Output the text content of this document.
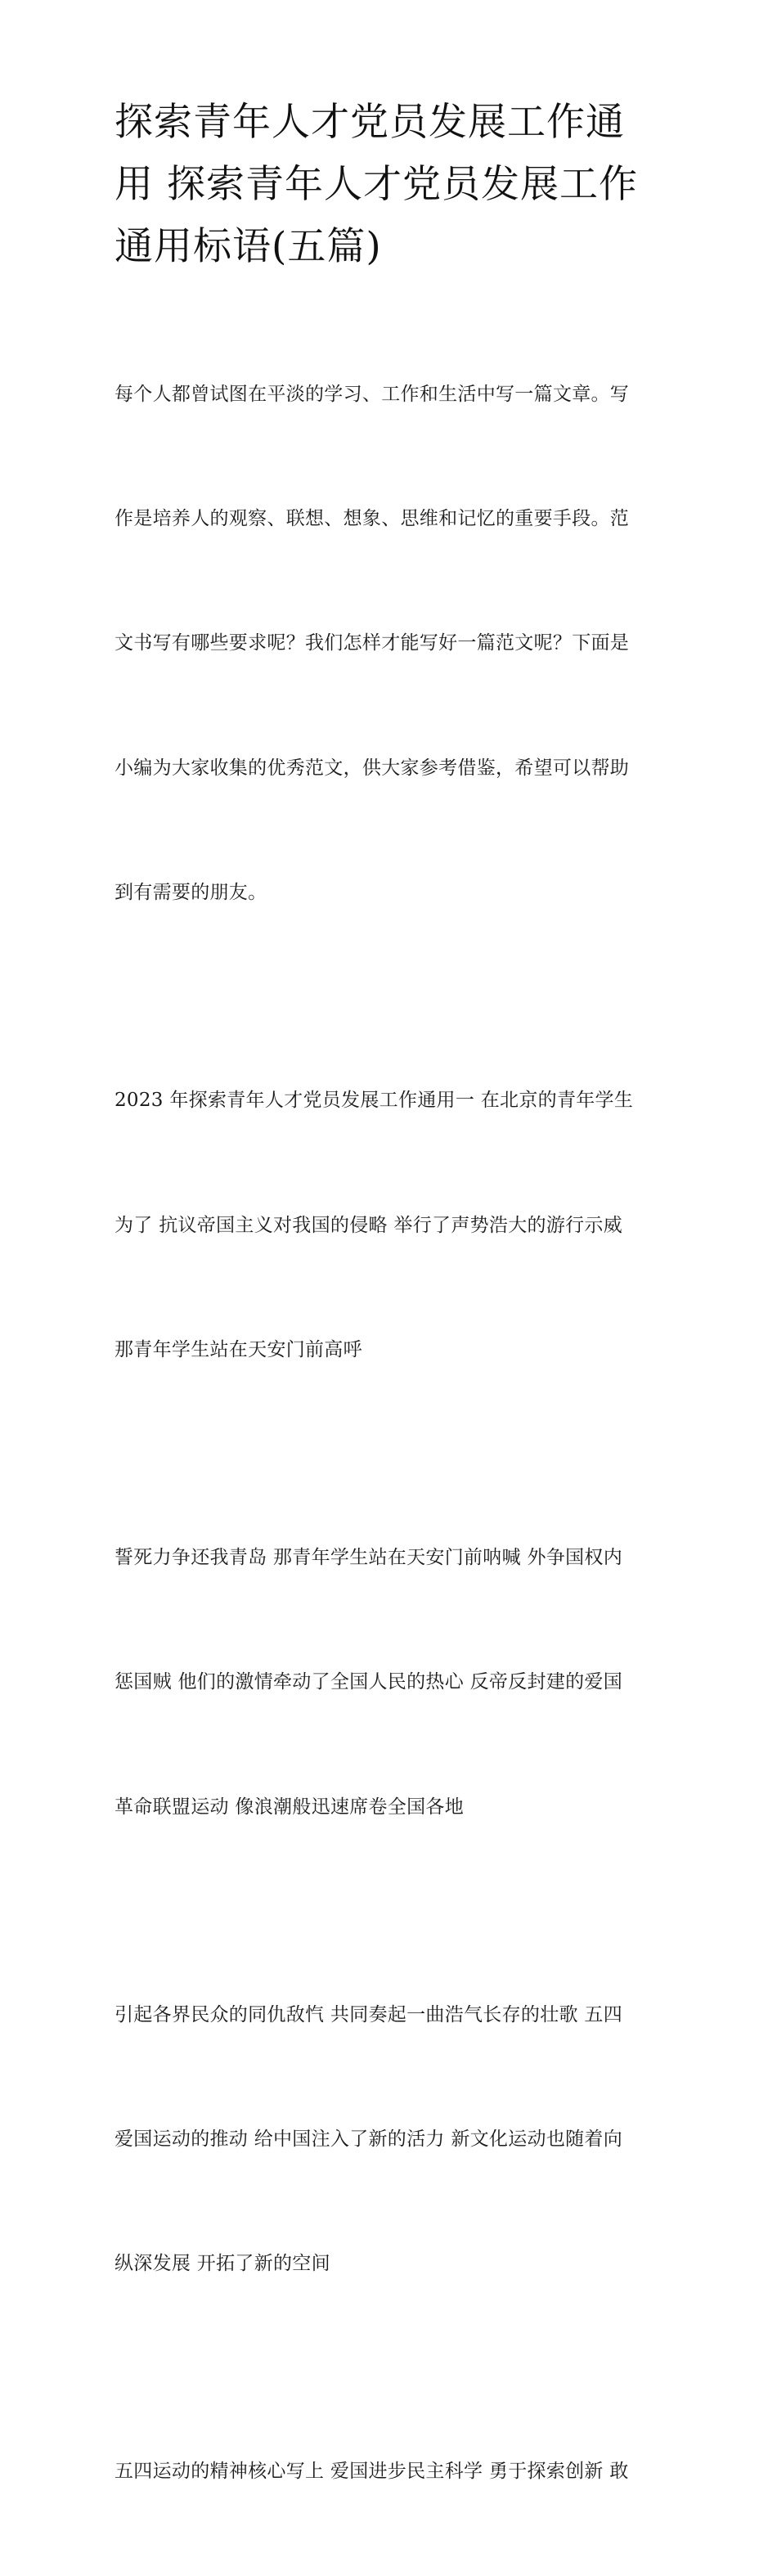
探索青年人才党员发展工作通
用 探索青年人才党员发展工作
通用标语(五篇)

每个人都曾试图在平淡的学习、工作和生活中写一篇文章。写

作是培养人的观察、联想、想象、思维和记忆的重要手段。范

文书写有哪些要求呢？我们怎样才能写好一篇范文呢？下面是

小编为大家收集的优秀范文，供大家参考借鉴，希望可以帮助

到有需要的朋友。

2023 年探索青年人才党员发展工作通用一 在北京的青年学生

为了 抗议帝国主义对我国的侵略 举行了声势浩大的游行示威

那青年学生站在天安门前高呼

誓死力争还我青岛 那青年学生站在天安门前呐喊 外争国权内

惩国贼 他们的激情牵动了全国人民的热心 反帝反封建的爱国

革命联盟运动 像浪潮般迅速席卷全国各地

引起各界民众的同仇敌忾 共同奏起一曲浩气长存的壮歌 五四

爱国运动的推动 给中国注入了新的活力 新文化运动也随着向

纵深发展 开拓了新的空间

五四运动的精神核心写上 爱国进步民主科学 勇于探索创新 敢
